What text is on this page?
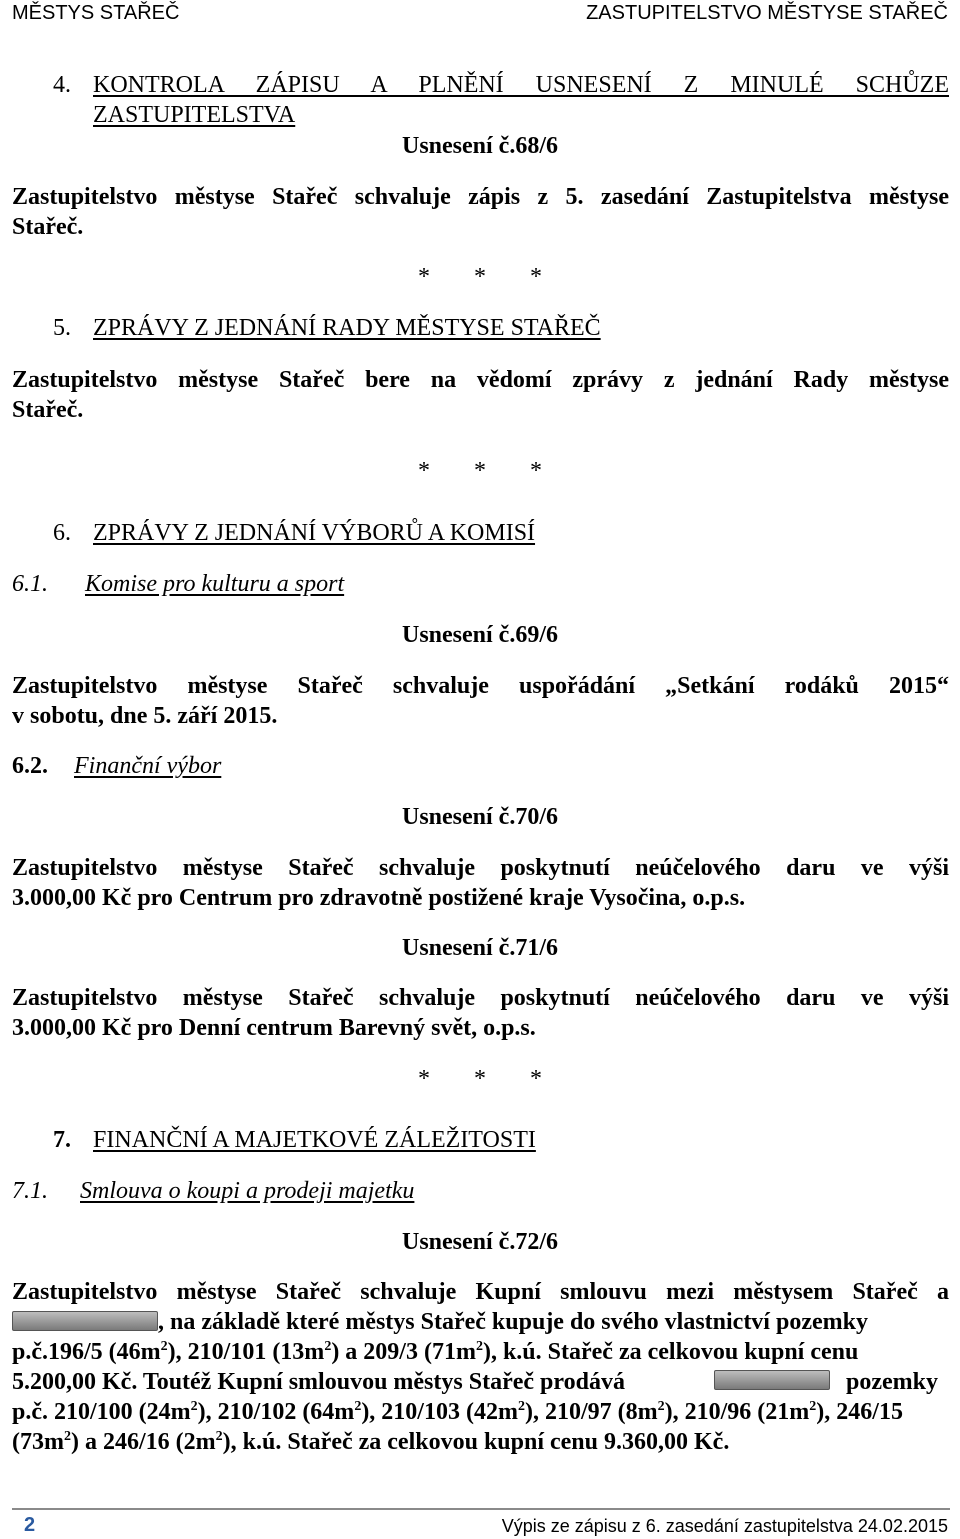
MĚSTYS STAŘEČ	ZASTUPITELSTVO MĚSTYSE STAŘEČ
4. KONTROLA ZÁPISU A PLNĚNÍ USNESENÍ Z MINULÉ SCHŮZE
ZASTUPITELSTVA
Usnesení č.68/6
Zastupitelstvo městyse Stařeč schvaluje zápis z 5. zasedání Zastupitelstva městyse
Stařeč.
* * *
5. ZPRÁVY Z JEDNÁNÍ RADY MĚSTYSE STAŘEČ
Zastupitelstvo městyse Stařeč bere na vědomí zprávy z jednání Rady městyse
Stařeč.
* * *
6. ZPRÁVY Z JEDNÁNÍ VÝBORŮ A KOMISÍ
6.1. Komise pro kulturu a sport
Usnesení č.69/6
Zastupitelstvo městyse Stařeč schvaluje uspořádání „Setkání rodáků 2015“
v sobotu, dne 5. září 2015.
6.2. Finanční výbor
Usnesení č.70/6
Zastupitelstvo městyse Stařeč schvaluje poskytnutí neúčelového daru ve výši
3.000,00 Kč pro Centrum pro zdravotně postižené kraje Vysočina, o.p.s.
Usnesení č.71/6
Zastupitelstvo městyse Stařeč schvaluje poskytnutí neúčelového daru ve výši
3.000,00 Kč pro Denní centrum Barevný svět, o.p.s.
* * *
7. FINANČNÍ A MAJETKOVÉ ZÁLEŽITOSTI
7.1. Smlouva o koupi a prodeji majetku
Usnesení č.72/6
Zastupitelstvo městyse Stařeč schvaluje Kupní smlouvu mezi městysem Stařeč a
, na základě které městys Stařeč kupuje do svého vlastnictví pozemky
p.č.196/5 $(46m^2)$, 210/101 $(13m^2)$ a 209/3 $(71m^2)$, k.ú. Stařeč za celkovou kupní cenu
5.200,00 Kč. Toutéž Kupní smlouvou městys Stařeč prodává	pozemky
p.č. 210/100 $(24m^2)$, 210/102 $(64m^2)$, 210/103 $(42m^2)$, 210/97 $(8m^2)$, 210/96 $(21m^2)$, 246/15
$(73m^2)$ a 246/16 $(2m^2)$, k.ú. Stařeč za celkovou kupní cenu 9.360,00 Kč.
2	Výpis ze zápisu z 6. zasedání zastupitelstva 24.02.2015
